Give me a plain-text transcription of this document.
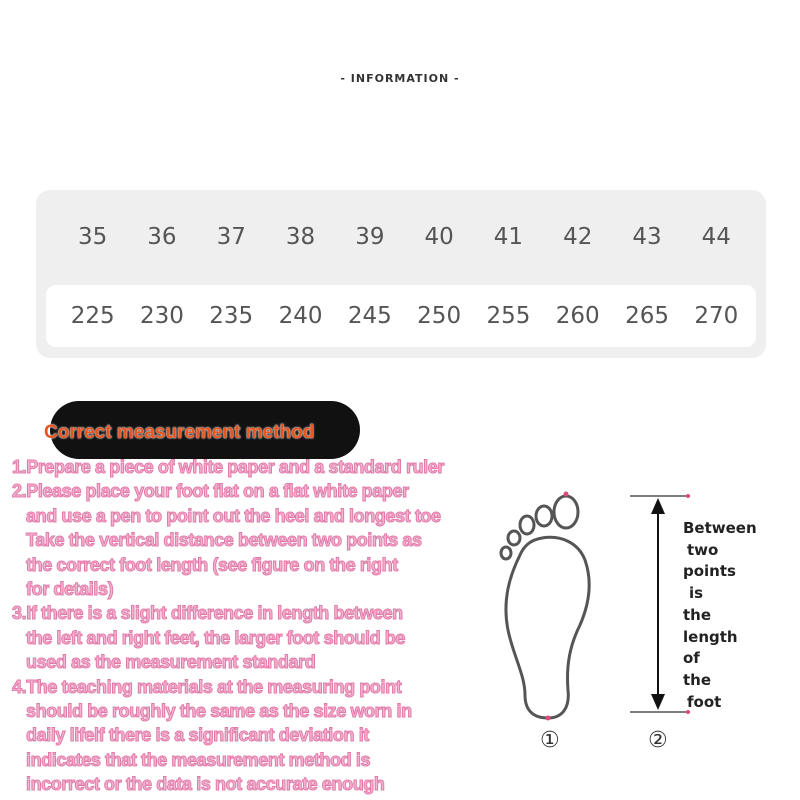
- INFORMATION -
35	36	37	38	39	40	41	42	43	44
225	230	235	240	245	250	255	260	265	270
Correct measurement method
1.Prepare a piece of white paper and a standard ruler
2.Please place your foot flat on a flat white paper
and use a pen to point out the heel and longest toe
Take the vertical distance between two points as
the correct foot length (see figure on the right
for details)
3.If there is a slight difference in length between
the left and right feet, the larger foot should be
used as the measurement standard
4.The teaching materials at the measuring point
should be roughly the same as the size worn in
daily lifelf there is a significant deviation it
indicates that the measurement method is
incorrect or the data is not accurate enough
Between
two
points
is
the
length
of
the
foot
①	②
